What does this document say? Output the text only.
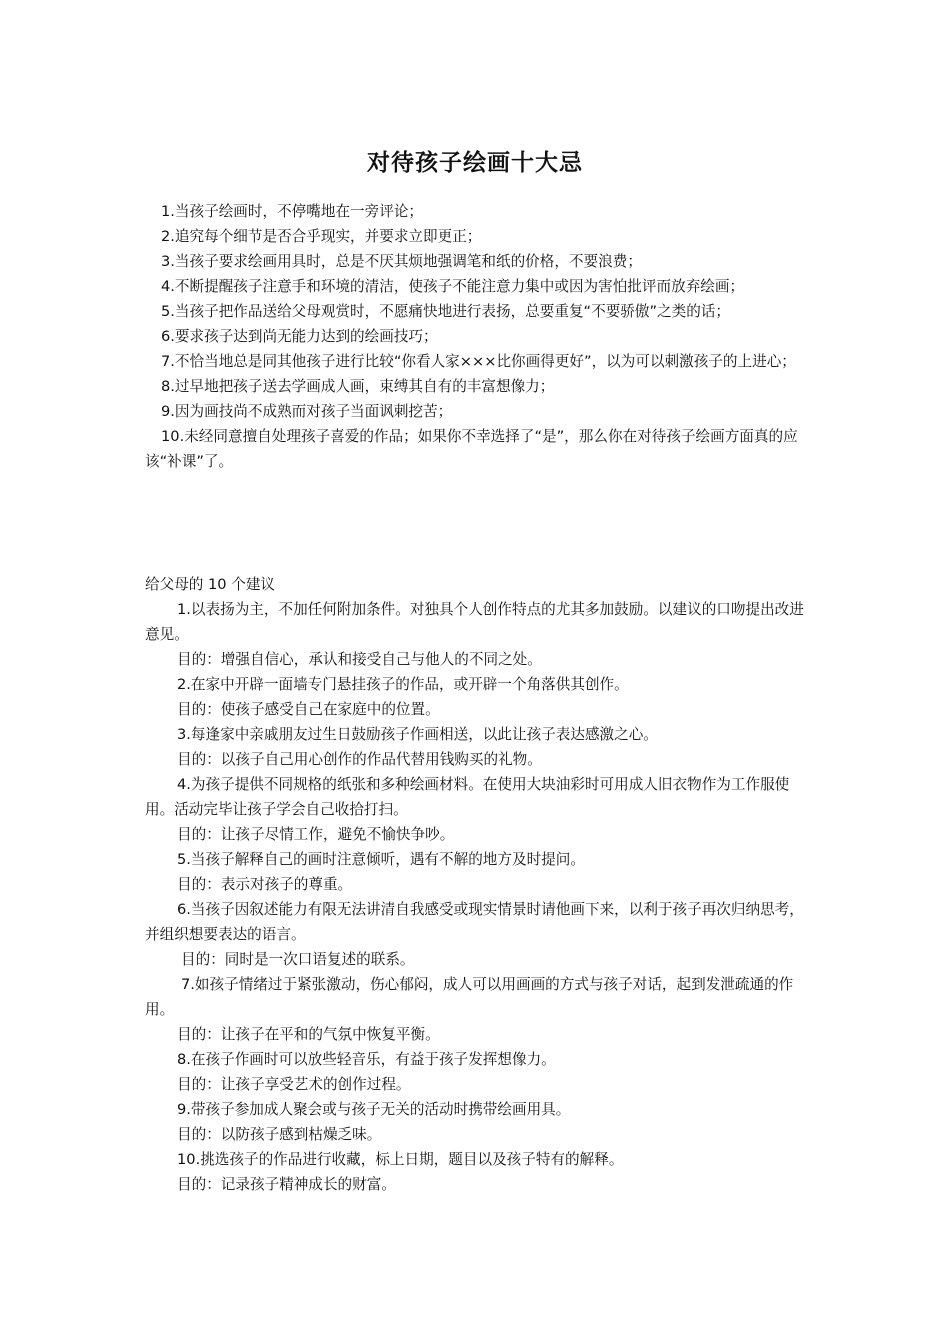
对待孩子绘画十大忌

1.当孩子绘画时，不停嘴地在一旁评论；

2.追究每个细节是否合乎现实，并要求立即更正；

3.当孩子要求绘画用具时，总是不厌其烦地强调笔和纸的价格，不要浪费；

4.不断提醒孩子注意手和环境的清洁，使孩子不能注意力集中或因为害怕批评而放弃绘画；

5.当孩子把作品送给父母观赏时，不愿痛快地进行表扬，总要重复“不要骄傲”之类的话；

6.要求孩子达到尚无能力达到的绘画技巧；

7.不恰当地总是同其他孩子进行比较“你看人家×××比你画得更好”，以为可以刺激孩子的上进心；

8.过早地把孩子送去学画成人画，束缚其自有的丰富想像力；

9.因为画技尚不成熟而对孩子当面讽刺挖苦；

10.未经同意擅自处理孩子喜爱的作品；如果你不幸选择了“是”，那么你在对待孩子绘画方面真的应该“补课”了。

给父母的 10 个建议

1.以表扬为主，不加任何附加条件。对独具个人创作特点的尤其多加鼓励。以建议的口吻提出改进意见。

目的：增强自信心，承认和接受自己与他人的不同之处。

2.在家中开辟一面墙专门悬挂孩子的作品，或开辟一个角落供其创作。

目的：使孩子感受自己在家庭中的位置。

3.每逢家中亲戚朋友过生日鼓励孩子作画相送，以此让孩子表达感激之心。

目的：以孩子自己用心创作的作品代替用钱购买的礼物。

4.为孩子提供不同规格的纸张和多种绘画材料。在使用大块油彩时可用成人旧衣物作为工作服使用。活动完毕让孩子学会自己收拾打扫。

目的：让孩子尽情工作，避免不愉快争吵。

5.当孩子解释自己的画时注意倾听，遇有不解的地方及时提问。

目的：表示对孩子的尊重。

6.当孩子因叙述能力有限无法讲清自我感受或现实情景时请他画下来，以利于孩子再次归纳思考，并组织想要表达的语言。

目的：同时是一次口语复述的联系。

7.如孩子情绪过于紧张激动，伤心郁闷，成人可以用画画的方式与孩子对话，起到发泄疏通的作用。

目的：让孩子在平和的气氛中恢复平衡。

8.在孩子作画时可以放些轻音乐，有益于孩子发挥想像力。

目的：让孩子享受艺术的创作过程。

9.带孩子参加成人聚会或与孩子无关的活动时携带绘画用具。

目的：以防孩子感到枯燥乏味。

10.挑选孩子的作品进行收藏，标上日期，题目以及孩子特有的解释。

目的：记录孩子精神成长的财富。
